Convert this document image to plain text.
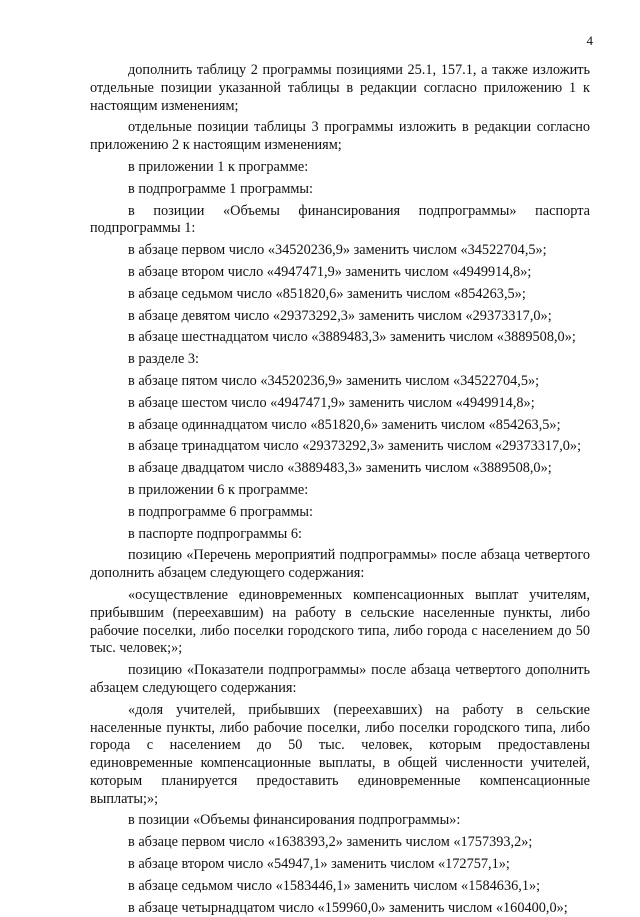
4
дополнить таблицу 2 программы позициями 25.1, 157.1, а также изложить отдельные позиции указанной таблицы в редакции согласно приложению 1 к настоящим изменениям;
отдельные позиции таблицы 3 программы изложить в редакции согласно приложению 2 к настоящим изменениям;
в приложении 1 к программе:
в подпрограмме 1 программы:
в позиции «Объемы финансирования подпрограммы» паспорта подпрограммы 1:
в абзаце первом число «34520236,9» заменить числом «34522704,5»;
в абзаце втором число «4947471,9» заменить числом «4949914,8»;
в абзаце седьмом число «851820,6» заменить числом «854263,5»;
в абзаце девятом число «29373292,3» заменить числом «29373317,0»;
в абзаце шестнадцатом число «3889483,3» заменить числом «3889508,0»;
в разделе 3:
в абзаце пятом число «34520236,9» заменить числом «34522704,5»;
в абзаце шестом число «4947471,9» заменить числом «4949914,8»;
в абзаце одиннадцатом число «851820,6» заменить числом «854263,5»;
в абзаце тринадцатом число «29373292,3» заменить числом «29373317,0»;
в абзаце двадцатом число «3889483,3» заменить числом «3889508,0»;
в приложении 6 к программе:
в подпрограмме 6 программы:
в паспорте подпрограммы 6:
позицию «Перечень мероприятий подпрограммы» после абзаца четвертого дополнить абзацем следующего содержания:
«осуществление единовременных компенсационных выплат учителям, прибывшим (переехавшим) на работу в сельские населенные пункты, либо рабочие поселки, либо поселки городского типа, либо города с населением до 50 тыс. человек;»;
позицию «Показатели подпрограммы» после абзаца четвертого дополнить абзацем следующего содержания:
«доля учителей, прибывших (переехавших) на работу в сельские населенные пункты, либо рабочие поселки, либо поселки городского типа, либо города с населением до 50 тыс. человек, которым предоставлены единовременные компенсационные выплаты, в общей численности учителей, которым планируется предоставить единовременные компенсационные выплаты;»;
в позиции «Объемы финансирования подпрограммы»:
в абзаце первом число «1638393,2» заменить числом «1757393,2»;
в абзаце втором число «54947,1» заменить числом «172757,1»;
в абзаце седьмом число «1583446,1» заменить числом «1584636,1»;
в абзаце четырнадцатом число «159960,0» заменить числом «160400,0»;
